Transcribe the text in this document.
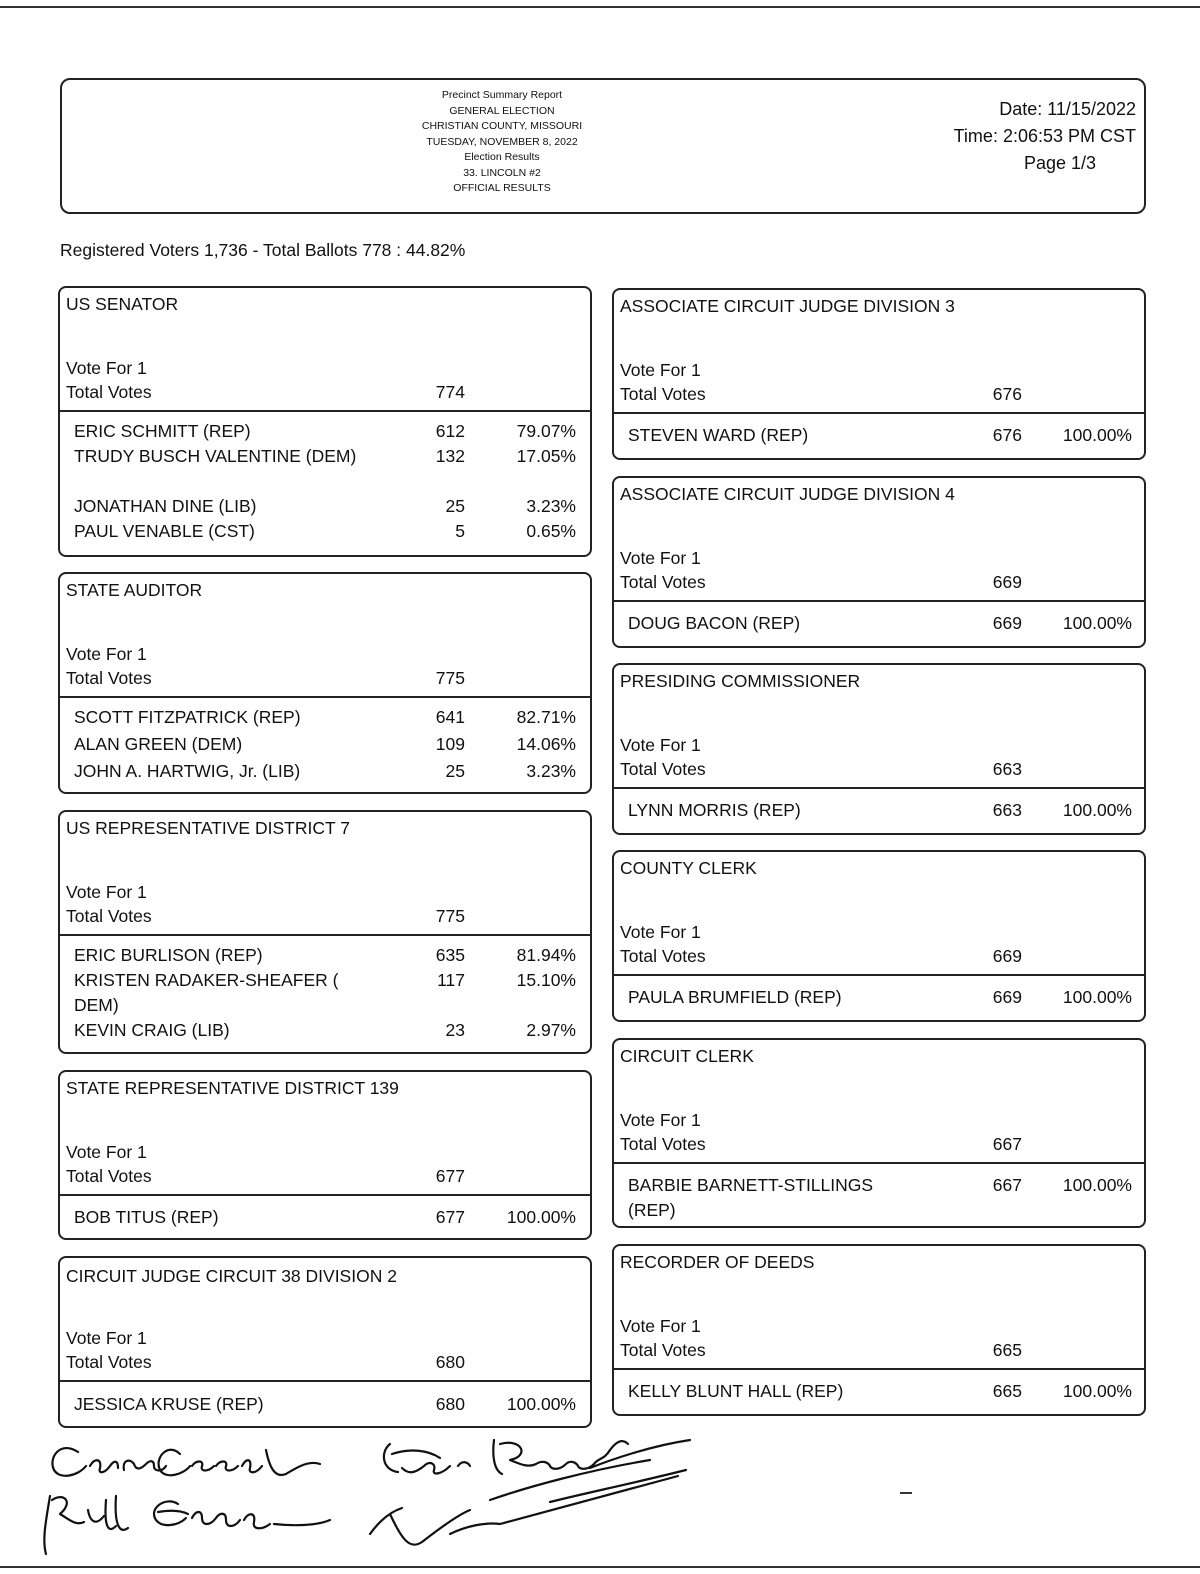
Precinct Summary Report
GENERAL ELECTION
CHRISTIAN COUNTY, MISSOURI
TUESDAY, NOVEMBER 8, 2022
Election Results
33. LINCOLN #2
OFFICIAL RESULTS
Date: 11/15/2022
Time: 2:06:53 PM CST
Page 1/3
Registered Voters 1,736 - Total Ballots 778 : 44.82%
US SENATOR
Vote For 1
Total Votes	774
ERIC SCHMITT (REP)	612	79.07%
TRUDY BUSCH VALENTINE (DEM)	132	17.05%
JONATHAN DINE (LIB)	25	3.23%
PAUL VENABLE (CST)	5	0.65%
STATE AUDITOR
Vote For 1
Total Votes	775
SCOTT FITZPATRICK (REP)	641	82.71%
ALAN GREEN (DEM)	109	14.06%
JOHN A. HARTWIG, Jr. (LIB)	25	3.23%
US REPRESENTATIVE DISTRICT 7
Vote For 1
Total Votes	775
ERIC BURLISON (REP)	635	81.94%
KRISTEN RADAKER-SHEAFER ( DEM)
117	15.10%
KEVIN CRAIG (LIB)	23	2.97%
STATE REPRESENTATIVE DISTRICT 139
Vote For 1
Total Votes	677
BOB TITUS (REP)	677	100.00%
CIRCUIT JUDGE CIRCUIT 38 DIVISION 2
Vote For 1
Total Votes	680
JESSICA KRUSE (REP)	680	100.00%
ASSOCIATE CIRCUIT JUDGE DIVISION 3
Vote For 1
Total Votes	676
STEVEN WARD (REP)	676	100.00%
ASSOCIATE CIRCUIT JUDGE DIVISION 4
Vote For 1
Total Votes	669
DOUG BACON (REP)	669	100.00%
PRESIDING COMMISSIONER
Vote For 1
Total Votes	663
LYNN MORRIS (REP)	663	100.00%
COUNTY CLERK
Vote For 1
Total Votes	669
PAULA BRUMFIELD (REP)	669	100.00%
CIRCUIT CLERK
Vote For 1
Total Votes	667
BARBIE BARNETT-STILLINGS (REP)
667	100.00%
RECORDER OF DEEDS
Vote For 1
Total Votes	665
KELLY BLUNT HALL (REP)	665	100.00%
